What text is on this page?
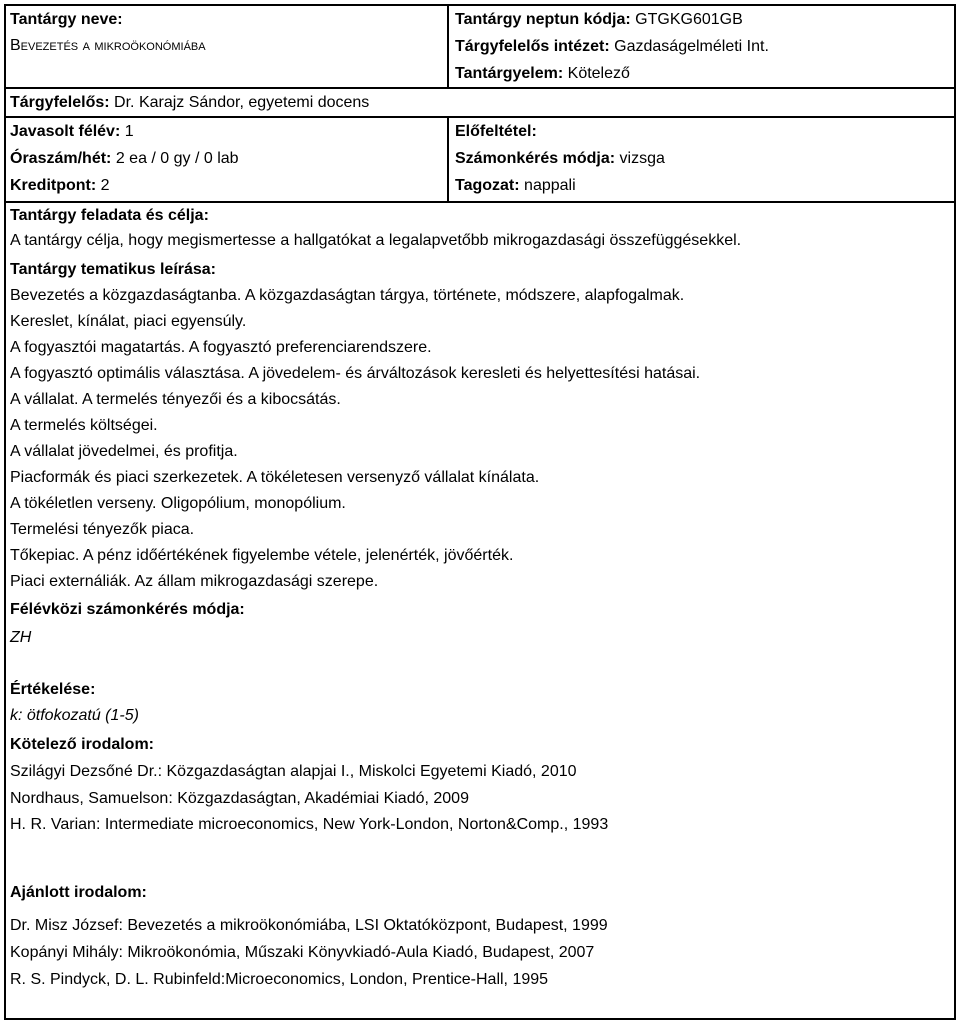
Tantárgy neve:
Bevezetés a mikroökonómiába
Tantárgy neptun kódja: GTGKG601GB
Tárgyfelelős intézet: Gazdaságelméleti Int.
Tantárgyelem: Kötelező
Tárgyfelelős: Dr. Karajz Sándor, egyetemi docens
Javasolt félév: 1	Előfeltétel:
Óraszám/hét: 2 ea / 0 gy / 0 lab	Számonkérés módja: vizsga
Kreditpont: 2	Tagozat: nappali
Tantárgy feladata és célja:
A tantárgy célja, hogy megismertesse a hallgatókat a legalapvetőbb mikrogazdasági összefüggésekkel.
Tantárgy tematikus leírása:
Bevezetés a közgazdaságtanba. A közgazdaságtan tárgya, története, módszere, alapfogalmak.
Kereslet, kínálat, piaci egyensúly.
A fogyasztói magatartás. A fogyasztó preferenciarendszere.
A fogyasztó optimális választása. A jövedelem- és árváltozások keresleti és helyettesítési hatásai.
A vállalat. A termelés tényezői és a kibocsátás.
A termelés költségei.
A vállalat jövedelmei, és profitja.
Piacformák és piaci szerkezetek. A tökéletesen versenyző vállalat kínálata.
A tökéletlen verseny. Oligopólium, monopólium.
Termelési tényezők piaca.
Tőkepiac. A pénz időértékének figyelembe vétele, jelenérték, jövőérték.
Piaci externáliák. Az állam mikrogazdasági szerepe.
Félévközi számonkérés módja:
ZH
Értékelése:
k: ötfokozatú (1-5)
Kötelező irodalom:
Szilágyi Dezsőné Dr.: Közgazdaságtan alapjai I., Miskolci Egyetemi Kiadó, 2010
Nordhaus, Samuelson: Közgazdaságtan, Akadémiai Kiadó, 2009
H. R. Varian: Intermediate microeconomics, New York-London, Norton&Comp., 1993
Ajánlott irodalom:
Dr. Misz József: Bevezetés a mikroökonómiába, LSI Oktatóközpont, Budapest, 1999
Kopányi Mihály: Mikroökonómia, Műszaki Könyvkiadó-Aula Kiadó, Budapest, 2007
R. S. Pindyck, D. L. Rubinfeld:Microeconomics, London, Prentice-Hall, 1995
